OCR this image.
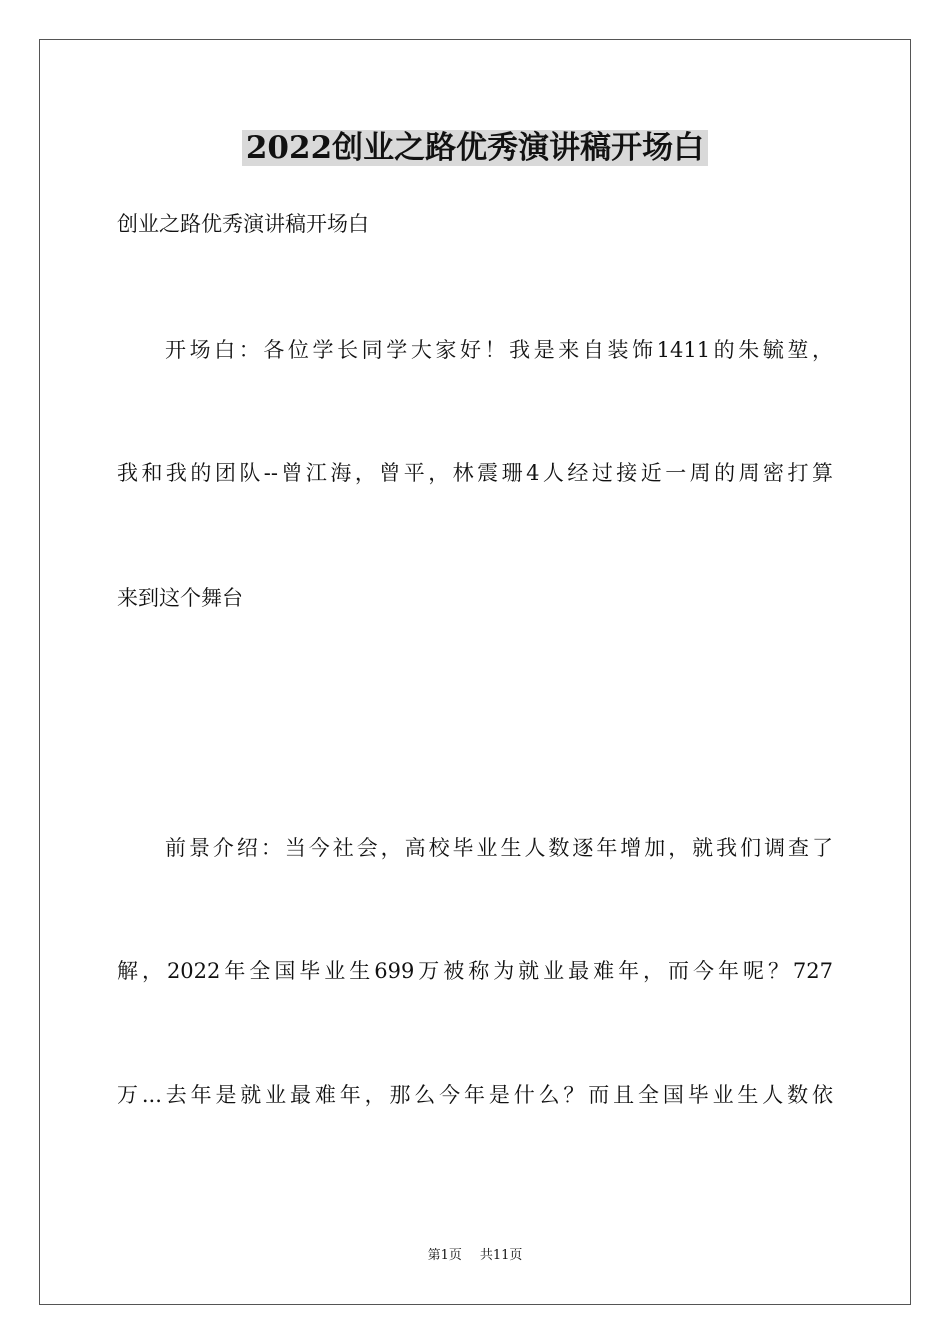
2022创业之路优秀演讲稿开场白
创业之路优秀演讲稿开场白
开场白：各位学长同学大家好！我是来自装饰1411的朱毓堃，
我和我的团队--曾江海，曾平，林震珊4人经过接近一周的周密打算
来到这个舞台
前景介绍：当今社会，高校毕业生人数逐年增加，就我们调查了
解，2022年全国毕业生699万被称为就业最难年，而今年呢？727
万...去年是就业最难年，那么今年是什么？而且全国毕业生人数依
第1页 共11页
